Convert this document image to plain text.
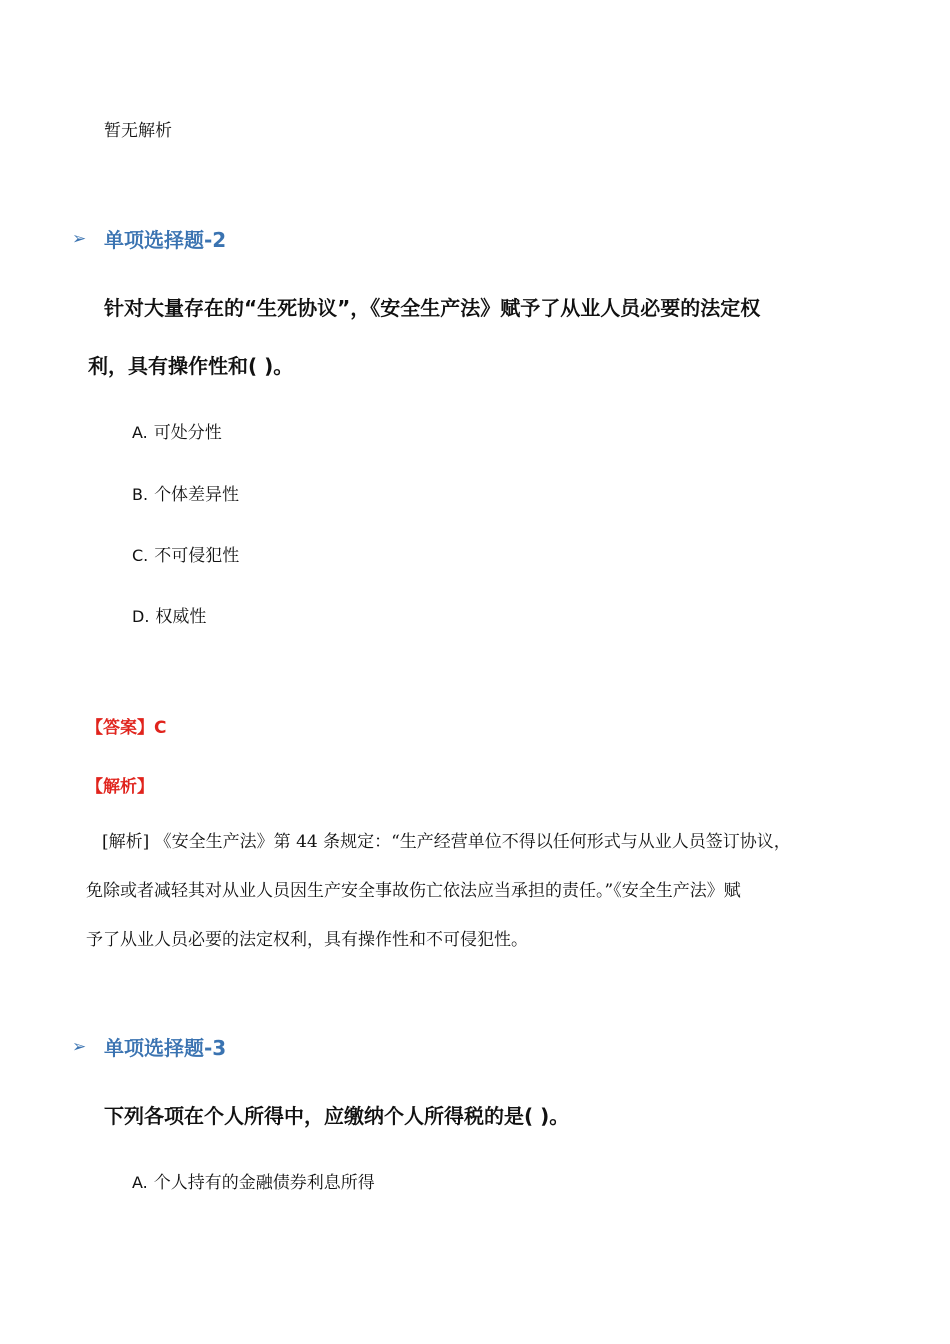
暂无解析
➢ 单项选择题-2
针对大量存在的“生死协议”，《安全生产法》赋予了从业人员必要的法定权
利，具有操作性和( )。
A. 可处分性
B. 个体差异性
C. 不可侵犯性
D. 权威性
【答案】C
【解析】
[解析] 《安全生产法》第 44 条规定：“生产经营单位不得以任何形式与从业人员签订协议，
免除或者减轻其对从业人员因生产安全事故伤亡依法应当承担的责任。”《安全生产法》赋
予了从业人员必要的法定权利，具有操作性和不可侵犯性。
➢ 单项选择题-3
下列各项在个人所得中，应缴纳个人所得税的是( )。
A. 个人持有的金融债券利息所得
